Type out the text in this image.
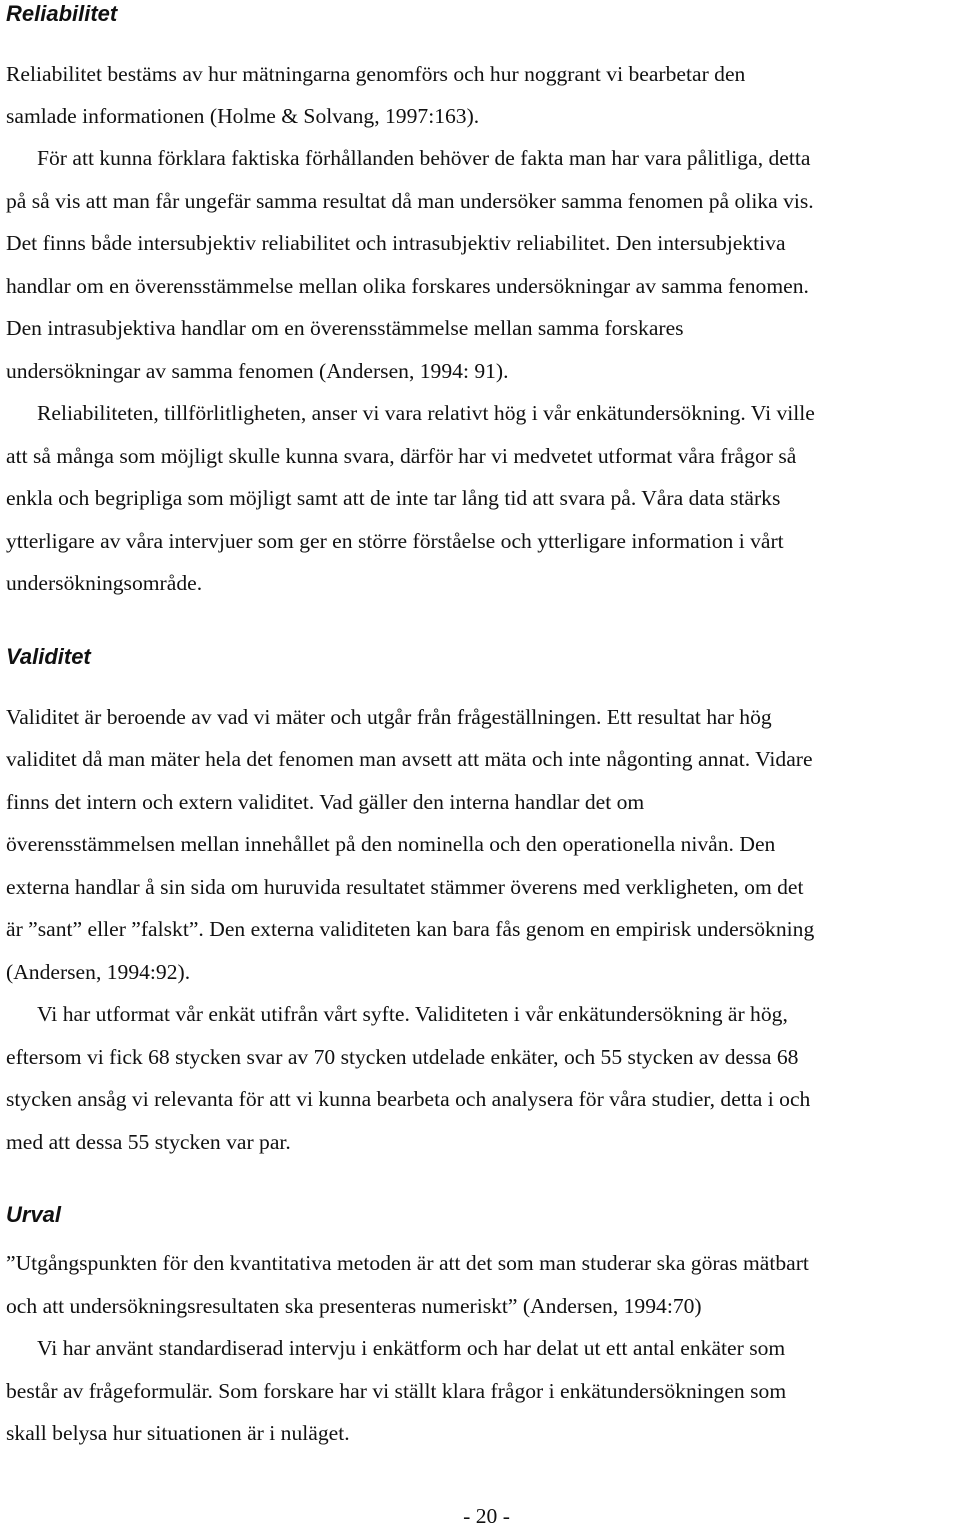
Reliabilitet
Reliabilitet bestäms av hur mätningarna genomförs och hur noggrant vi bearbetar den
samlade informationen (Holme & Solvang, 1997:163).
För att kunna förklara faktiska förhållanden behöver de fakta man har vara pålitliga, detta
på så vis att man får ungefär samma resultat då man undersöker samma fenomen på olika vis.
Det finns både intersubjektiv reliabilitet och intrasubjektiv reliabilitet. Den intersubjektiva
handlar om en överensstämmelse mellan olika forskares undersökningar av samma fenomen.
Den intrasubjektiva handlar om en överensstämmelse mellan samma forskares
undersökningar av samma fenomen (Andersen, 1994: 91).
Reliabiliteten, tillförlitligheten, anser vi vara relativt hög i vår enkätundersökning. Vi ville
att så många som möjligt skulle kunna svara, därför har vi medvetet utformat våra frågor så
enkla och begripliga som möjligt samt att de inte tar lång tid att svara på. Våra data stärks
ytterligare av våra intervjuer som ger en större förståelse och ytterligare information i vårt
undersökningsområde.
Validitet
Validitet är beroende av vad vi mäter och utgår från frågeställningen. Ett resultat har hög
validitet då man mäter hela det fenomen man avsett att mäta och inte någonting annat. Vidare
finns det intern och extern validitet. Vad gäller den interna handlar det om
överensstämmelsen mellan innehållet på den nominella och den operationella nivån. Den
externa handlar å sin sida om huruvida resultatet stämmer överens med verkligheten, om det
är ”sant” eller ”falskt”. Den externa validiteten kan bara fås genom en empirisk undersökning
(Andersen, 1994:92).
Vi har utformat vår enkät utifrån vårt syfte. Validiteten i vår enkätundersökning är hög,
eftersom vi fick 68 stycken svar av 70 stycken utdelade enkäter, och 55 stycken av dessa 68
stycken ansåg vi relevanta för att vi kunna bearbeta och analysera för våra studier, detta i och
med att dessa 55 stycken var par.
Urval
”Utgångspunkten för den kvantitativa metoden är att det som man studerar ska göras mätbart
och att undersökningsresultaten ska presenteras numeriskt” (Andersen, 1994:70)
Vi har använt standardiserad intervju i enkätform och har delat ut ett antal enkäter som
består av frågeformulär. Som forskare har vi ställt klara frågor i enkätundersökningen som
skall belysa hur situationen är i nuläget.
- 20 -
